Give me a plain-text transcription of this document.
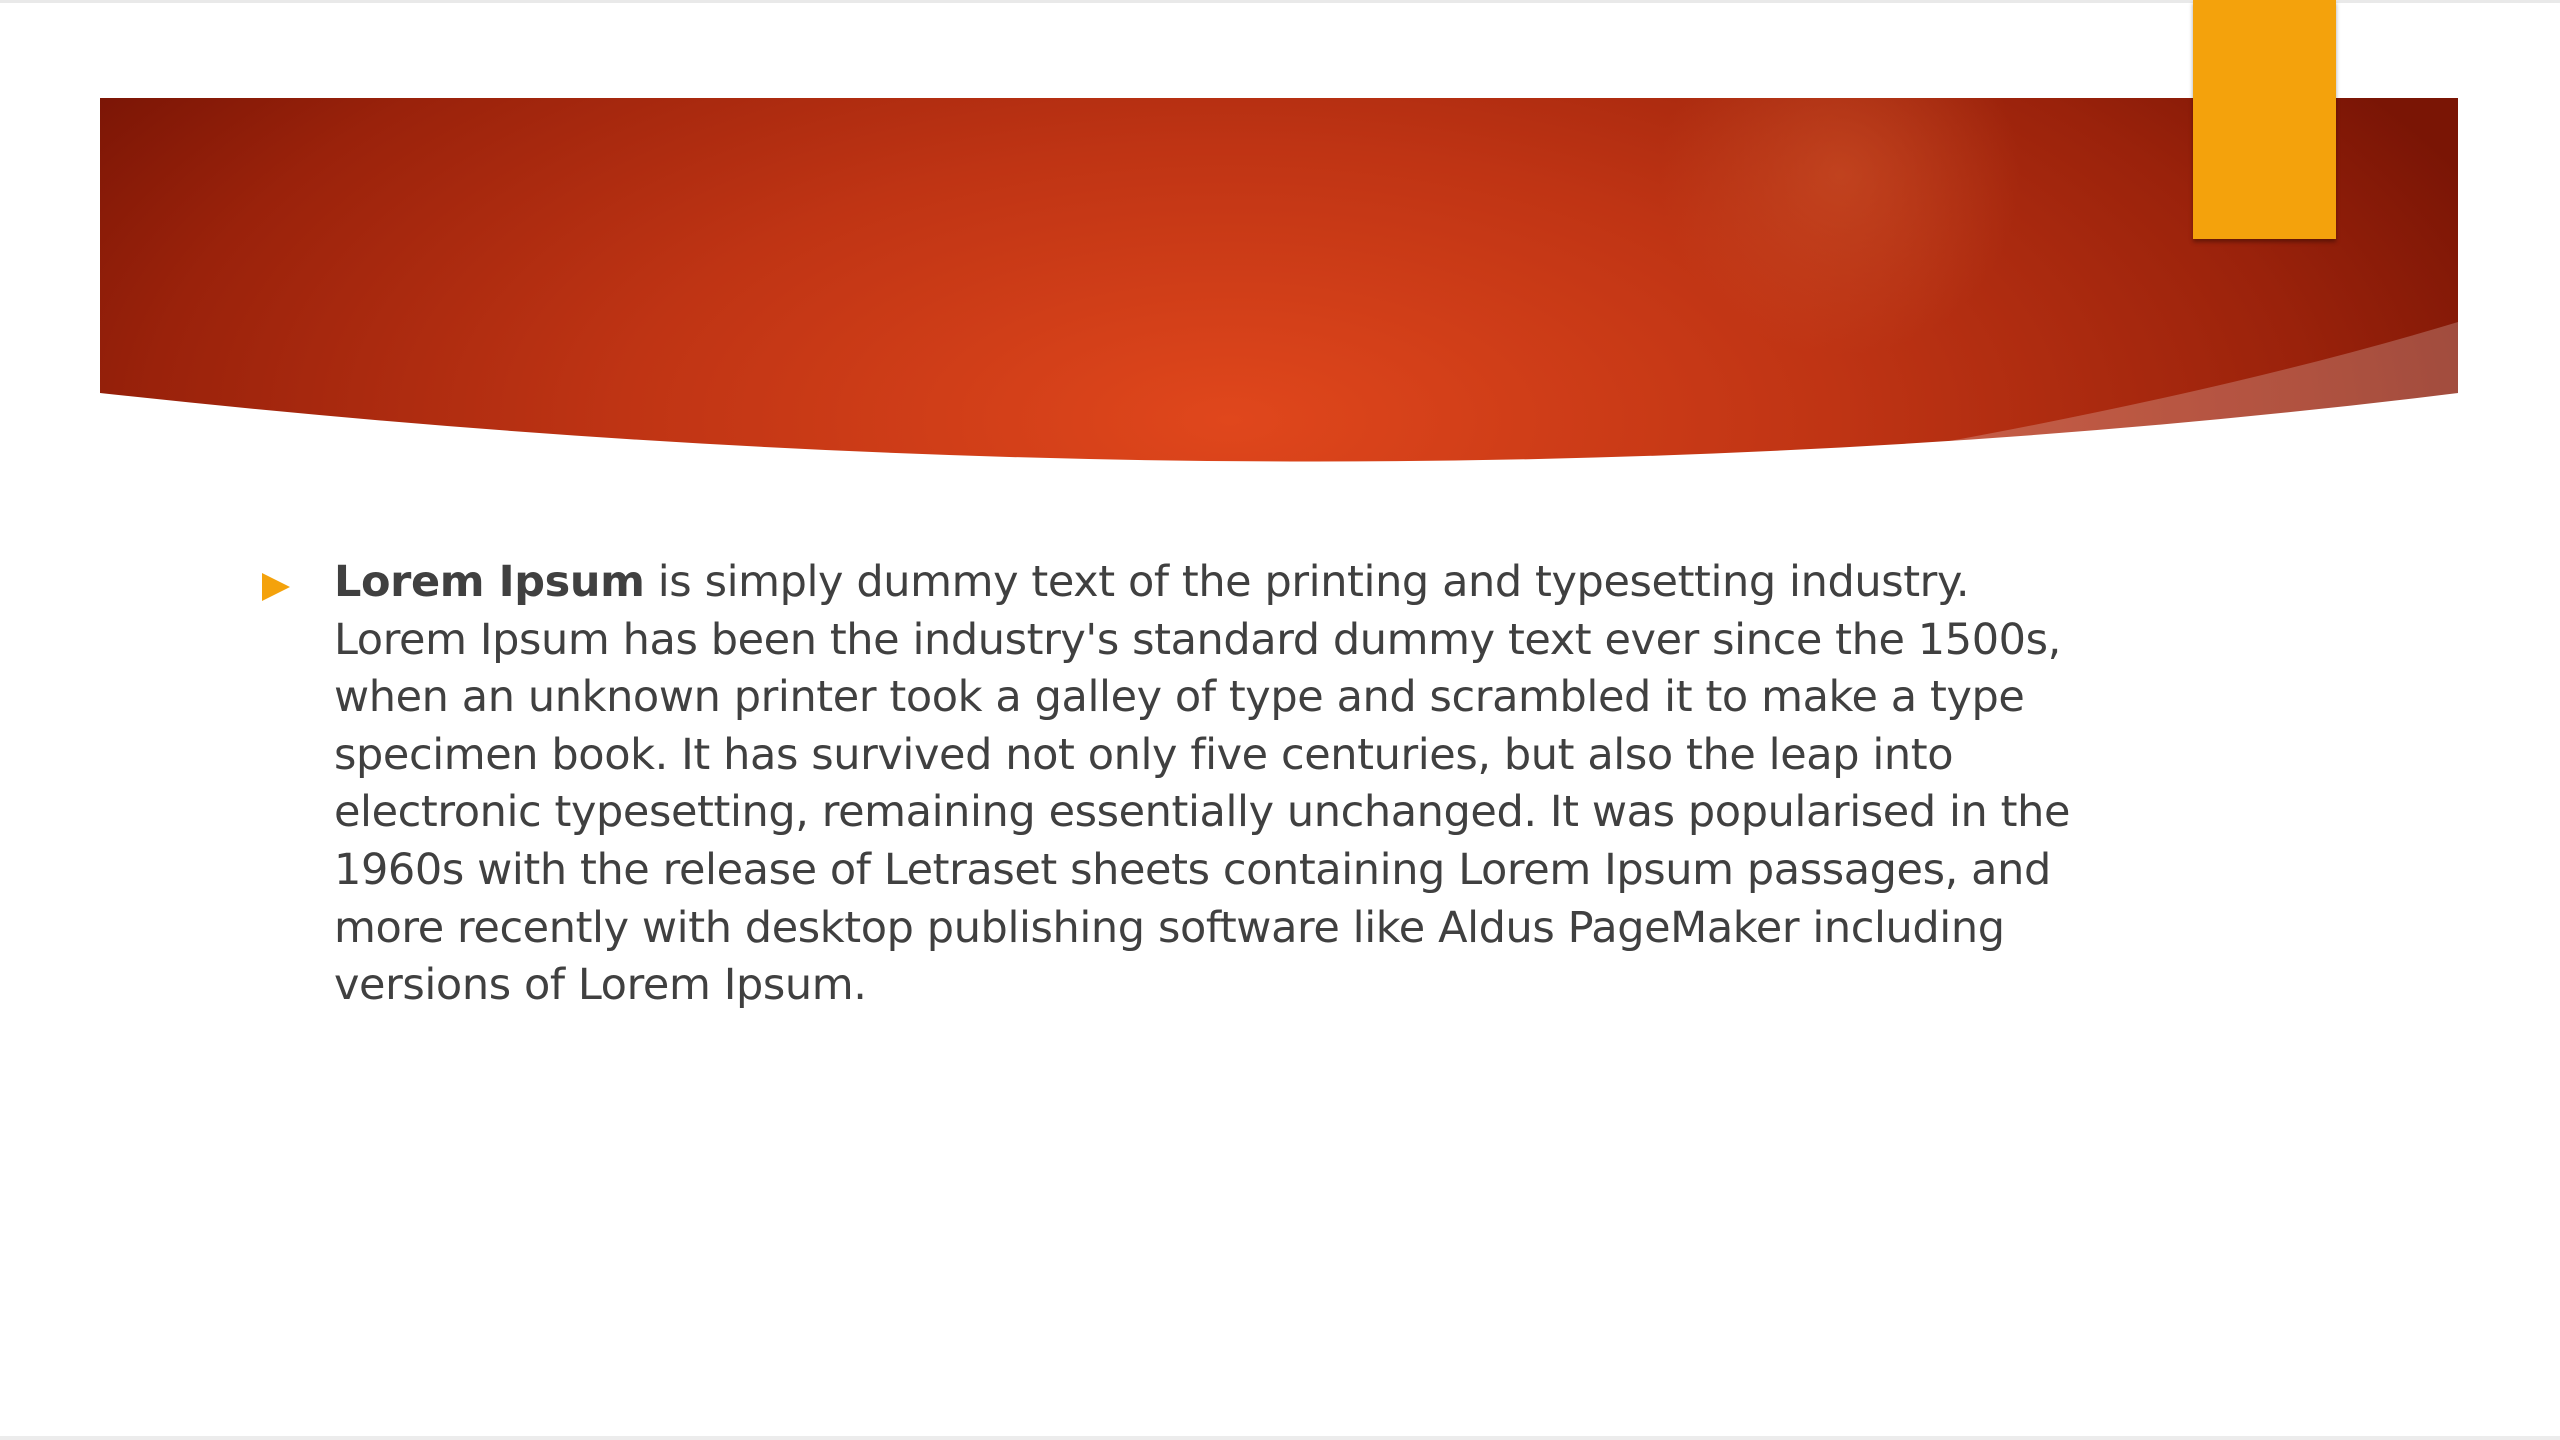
Lorem Ipsum is simply dummy text of the printing and typesetting industry. Lorem Ipsum has been the industry's standard dummy text ever since the 1500s, when an unknown printer took a galley of type and scrambled it to make a type specimen book. It has survived not only five centuries, but also the leap into electronic typesetting, remaining essentially unchanged. It was popularised in the 1960s with the release of Letraset sheets containing Lorem Ipsum passages, and more recently with desktop publishing software like Aldus PageMaker including versions of Lorem Ipsum.
